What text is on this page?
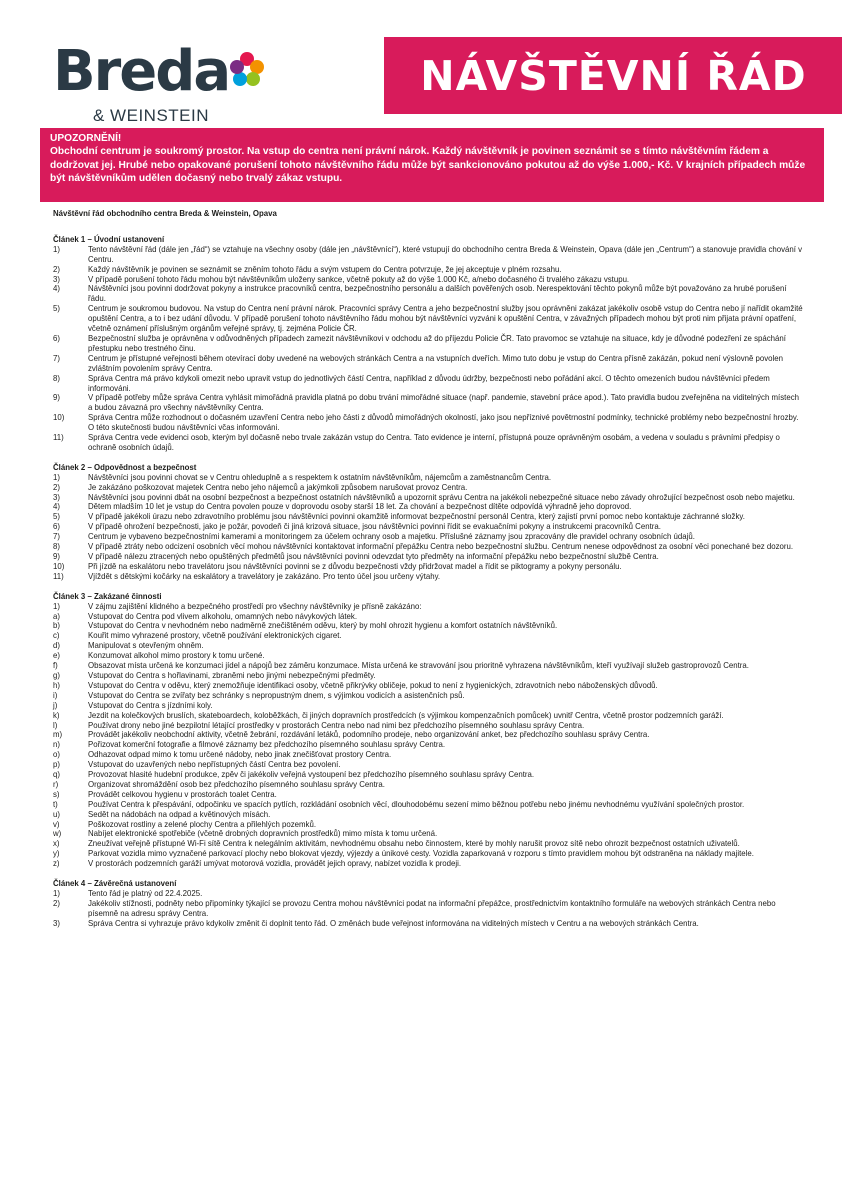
Breda
& WEINSTEIN
NÁVŠTĚVNÍ ŘÁD
UPOZORNĚNÍ!
Obchodní centrum je soukromý prostor. Na vstup do centra není právní nárok. Každý návštěvník je povinen seznámit se s tímto návštěvním řádem a dodržovat jej. Hrubé nebo opakované porušení tohoto návštěvního řádu může být sankcionováno pokutou až do výše 1.000,- Kč. V krajních případech může být návštěvníkům udělen dočasný nebo trvalý zákaz vstupu.
Návštěvní řád obchodního centra Breda & Weinstein, Opava
Článek 1 – Úvodní ustanovení
1)	Tento návštěvní řád (dále jen „řád“) se vztahuje na všechny osoby (dále jen „návštěvníci“), které vstupují do obchodního centra Breda & Weinstein, Opava (dále jen „Centrum“) a stanovuje pravidla chování v Centru.
2)	Každý návštěvník je povinen se seznámit se zněním tohoto řádu a svým vstupem do Centra potvrzuje, že jej akceptuje v plném rozsahu.
3)	V případě porušení tohoto řádu mohou být návštěvníkům uloženy sankce, včetně pokuty až do výše 1.000 Kč, a/nebo dočasného či trvalého zákazu vstupu.
4)	Návštěvníci jsou povinni dodržovat pokyny a instrukce pracovníků centra, bezpečnostního personálu a dalších pověřených osob. Nerespektování těchto pokynů může být považováno za hrubé porušení řádu.
5)	Centrum je soukromou budovou. Na vstup do Centra není právní nárok. Pracovníci správy Centra a jeho bezpečnostní služby jsou oprávněni zakázat jakékoliv osobě vstup do Centra nebo jí nařídit okamžité opuštění Centra, a to i bez udání důvodu. V případě porušení tohoto návštěvního řádu mohou být návštěvníci vyzváni k opuštění Centra, v závažných případech mohou být proti nim přijata právní opatření, včetně oznámení příslušným orgánům veřejné správy, tj. zejména Policie ČR.
6)	Bezpečnostní služba je oprávněna v odůvodněných případech zamezit návštěvníkovi v odchodu až do příjezdu Policie ČR. Tato pravomoc se vztahuje na situace, kdy je důvodné podezření ze spáchání přestupku nebo trestného činu.
7)	Centrum je přístupné veřejnosti během otevírací doby uvedené na webových stránkách Centra a na vstupních dveřích. Mimo tuto dobu je vstup do Centra přísně zakázán, pokud není výslovně povolen zvláštním povolením správy Centra.
8)	Správa Centra má právo kdykoli omezit nebo upravit vstup do jednotlivých částí Centra, například z důvodu údržby, bezpečnosti nebo pořádání akcí. O těchto omezeních budou návštěvníci předem informováni.
9)	V případě potřeby může správa Centra vyhlásit mimořádná pravidla platná po dobu trvání mimořádné situace (např. pandemie, stavební práce apod.). Tato pravidla budou zveřejněna na viditelných místech a budou závazná pro všechny návštěvníky Centra.
10)	Správa Centra může rozhodnout o dočasném uzavření Centra nebo jeho části z důvodů mimořádných okolností, jako jsou nepříznivé povětrnostní podmínky, technické problémy nebo bezpečnostní hrozby. O této skutečnosti budou návštěvníci včas informováni.
11)	Správa Centra vede evidenci osob, kterým byl dočasně nebo trvale zakázán vstup do Centra. Tato evidence je interní, přístupná pouze oprávněným osobám, a vedena v souladu s právními předpisy o ochraně osobních údajů.
Článek 2 – Odpovědnost a bezpečnost
1)	Návštěvníci jsou povinni chovat se v Centru ohleduplně a s respektem k ostatním návštěvníkům, nájemcům a zaměstnancům Centra.
2)	Je zakázáno poškozovat majetek Centra nebo jeho nájemců a jakýmkoli způsobem narušovat provoz Centra.
3)	Návštěvníci jsou povinni dbát na osobní bezpečnost a bezpečnost ostatních návštěvníků a upozornit správu Centra na jakékoli nebezpečné situace nebo závady ohrožující bezpečnost osob nebo majetku.
4)	Dětem mladším 10 let je vstup do Centra povolen pouze v doprovodu osoby starší 18 let. Za chování a bezpečnost dítěte odpovídá výhradně jeho doprovod.
5)	V případě jakékoli úrazu nebo zdravotního problému jsou návštěvníci povinni okamžitě informovat bezpečnostní personál Centra, který zajistí první pomoc nebo kontaktuje záchranné složky.
6)	V případě ohrožení bezpečnosti, jako je požár, povodeň či jiná krizová situace, jsou návštěvníci povinni řídit se evakuačními pokyny a instrukcemi pracovníků Centra.
7)	Centrum je vybaveno bezpečnostními kamerami a monitoringem za účelem ochrany osob a majetku. Příslušné záznamy jsou zpracovány dle pravidel ochrany osobních údajů.
8)	V případě ztráty nebo odcizení osobních věcí mohou návštěvníci kontaktovat informační přepážku Centra nebo bezpečnostní službu. Centrum nenese odpovědnost za osobní věci ponechané bez dozoru.
9)	V případě nálezu ztracených nebo opuštěných předmětů jsou návštěvníci povinni odevzdat tyto předměty na informační přepážku nebo bezpečnostní službě Centra.
10)	Při jízdě na eskalátoru nebo travelátoru jsou návštěvníci povinni se z důvodu bezpečnosti vždy přidržovat madel a řídit se piktogramy a pokyny personálu.
11)	Vjíždět s dětskými kočárky na eskalátory a travelátory je zakázáno. Pro tento účel jsou určeny výtahy.
Článek 3 – Zakázané činnosti
1)	V zájmu zajištění klidného a bezpečného prostředí pro všechny návštěvníky je přísně zakázáno:
a)	Vstupovat do Centra pod vlivem alkoholu, omamných nebo návykových látek.
b)	Vstupovat do Centra v nevhodném nebo nadměrně znečištěném oděvu, který by mohl ohrozit hygienu a komfort ostatních návštěvníků.
c)	Kouřit mimo vyhrazené prostory, včetně používání elektronických cigaret.
d)	Manipulovat s otevřeným ohněm.
e)	Konzumovat alkohol mimo prostory k tomu určené.
f)	Obsazovat místa určená ke konzumaci jídel a nápojů bez záměru konzumace. Místa určená ke stravování jsou prioritně vyhrazena návštěvníkům, kteří využívají služeb gastroprovozů Centra.
g)	Vstupovat do Centra s hořlavinami, zbraněmi nebo jinými nebezpečnými předměty.
h)	Vstupovat do Centra v oděvu, který znemožňuje identifikaci osoby, včetně přikrývky obličeje, pokud to není z hygienických, zdravotních nebo náboženských důvodů.
i)	Vstupovat do Centra se zvířaty bez schránky s nepropustným dnem, s výjimkou vodicích a asistenčních psů.
j)	Vstupovat do Centra s jízdními koly.
k)	Jezdit na kolečkových bruslích, skateboardech, koloběžkách, či jiných dopravních prostředcích (s výjimkou kompenzačních pomůcek) uvnitř Centra, včetně prostor podzemních garáží.
l)	Používat drony nebo jiné bezpilotní létající prostředky v prostorách Centra nebo nad nimi bez předchozího písemného souhlasu správy Centra.
m)	Provádět jakékoliv neobchodní aktivity, včetně žebrání, rozdávání letáků, podomního prodeje, nebo organizování anket, bez předchozího souhlasu správy Centra.
n)	Pořizovat komerční fotografie a filmové záznamy bez předchozího písemného souhlasu správy Centra.
o)	Odhazovat odpad mimo k tomu určené nádoby, nebo jinak znečišťovat prostory Centra.
p)	Vstupovat do uzavřených nebo nepřístupných částí Centra bez povolení.
q)	Provozovat hlasité hudební produkce, zpěv či jakékoliv veřejná vystoupení bez předchozího písemného souhlasu správy Centra.
r)	Organizovat shromáždění osob bez předchozího písemného souhlasu správy Centra.
s)	Provádět celkovou hygienu v prostorách toalet Centra.
t)	Používat Centra k přespávání, odpočinku ve spacích pytlích, rozkládání osobních věcí, dlouhodobému sezení mimo běžnou potřebu nebo jinému nevhodnému využívání společných prostor.
u)	Sedět na nádobách na odpad a květinových mísách.
v)	Poškozovat rostliny a zelené plochy Centra a přilehlých pozemků.
w)	Nabíjet elektronické spotřebiče (včetně drobných dopravních prostředků) mimo místa k tomu určená.
x)	Zneužívat veřejně přístupné Wi-Fi sítě Centra k nelegálním aktivitám, nevhodnému obsahu nebo činnostem, které by mohly narušit provoz sítě nebo ohrozit bezpečnost ostatních uživatelů.
y)	Parkovat vozidla mimo vyznačené parkovací plochy nebo blokovat vjezdy, výjezdy a únikové cesty. Vozidla zaparkovaná v rozporu s tímto pravidlem mohou být odstraněna na náklady majitele.
z)	V prostorách podzemních garáží umývat motorová vozidla, provádět jejich opravy, nabízet vozidla k prodeji.
Článek 4 – Závěrečná ustanovení
1)	Tento řád je platný od 22.4.2025.
2)	Jakékoliv stížnosti, podněty nebo připomínky týkající se provozu Centra mohou návštěvníci podat na informační přepážce, prostřednictvím kontaktního formuláře na webových stránkách Centra nebo písemně na adresu správy Centra.
3)	Správa Centra si vyhrazuje právo kdykoliv změnit či doplnit tento řád. O změnách bude veřejnost informována na viditelných místech v Centru a na webových stránkách Centra.
